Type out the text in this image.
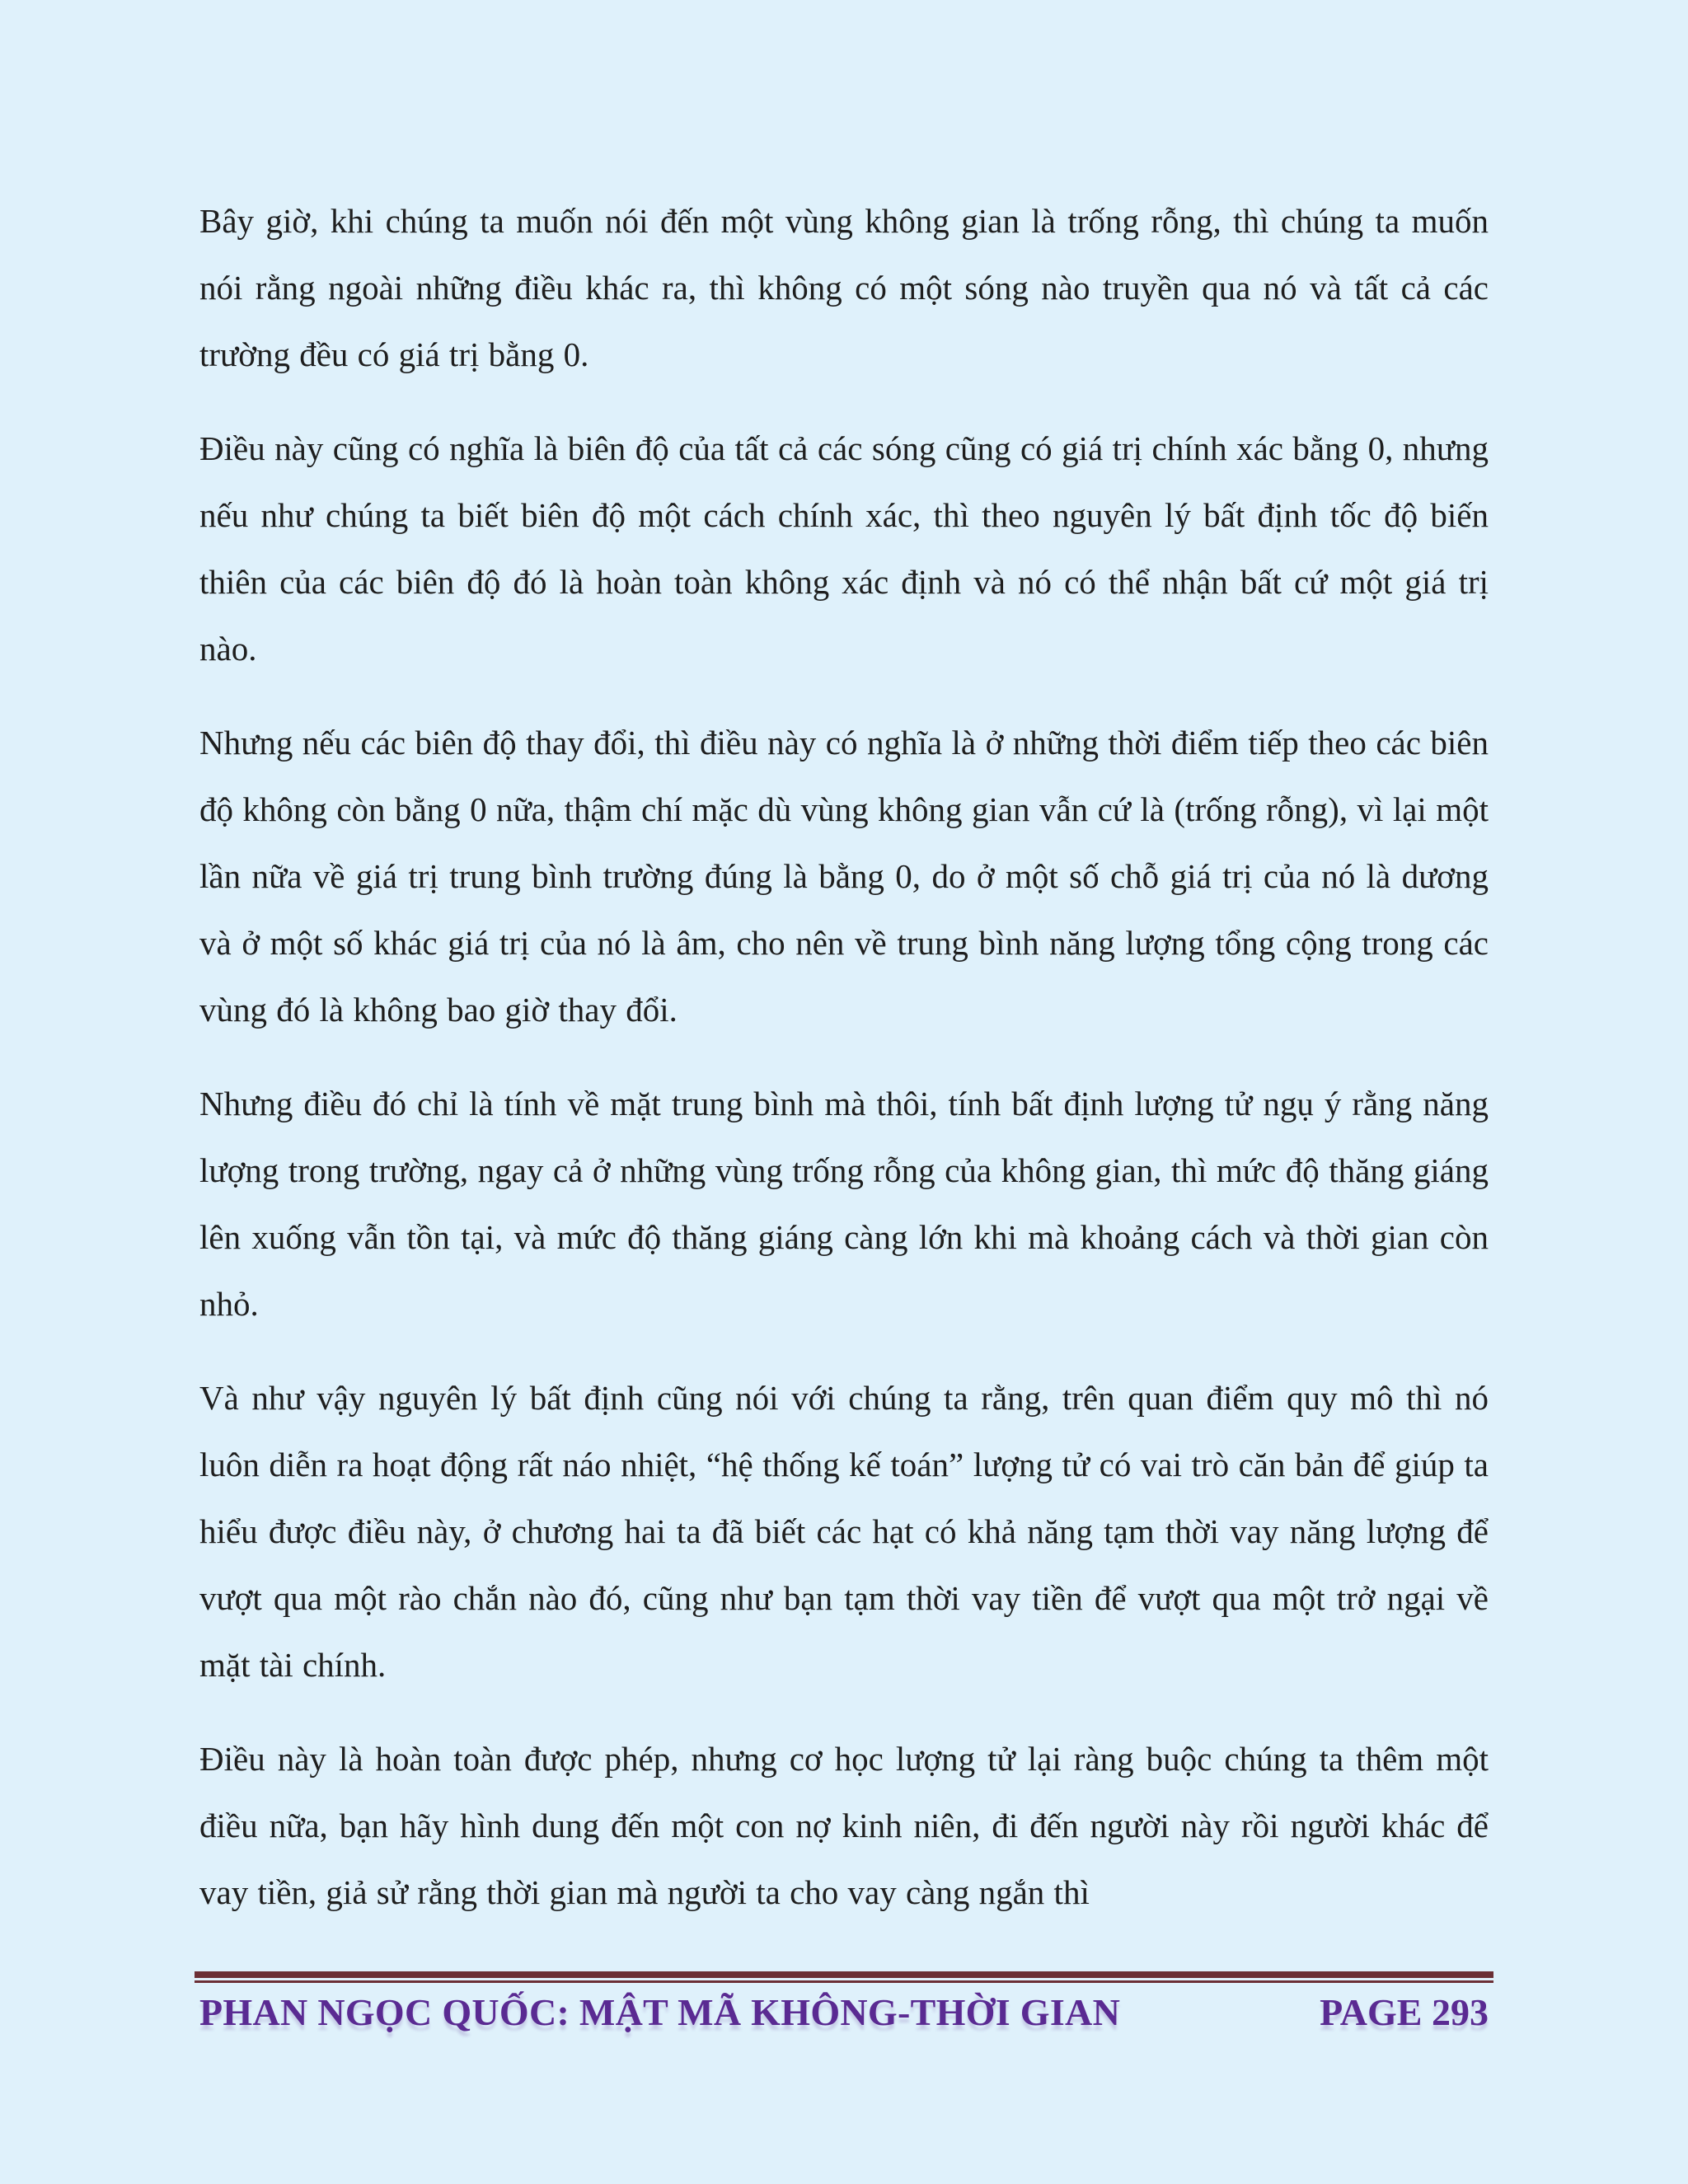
Bây giờ, khi chúng ta muốn nói đến một vùng không gian là trống rỗng, thì chúng ta muốn nói rằng ngoài những điều khác ra, thì không có một sóng nào truyền qua nó và tất cả các trường đều có giá trị bằng 0.

Điều này cũng có nghĩa là biên độ của tất cả các sóng cũng có giá trị chính xác bằng 0, nhưng nếu như chúng ta biết biên độ một cách chính xác, thì theo nguyên lý bất định tốc độ biến thiên của các biên độ đó là hoàn toàn không xác định và nó có thể nhận bất cứ một giá trị nào.

Nhưng nếu các biên độ thay đổi, thì điều này có nghĩa là ở những thời điểm tiếp theo các biên độ không còn bằng 0 nữa, thậm chí mặc dù vùng không gian vẫn cứ là (trống rỗng), vì lại một lần nữa về giá trị trung bình trường đúng là bằng 0, do ở một số chỗ giá trị của nó là dương và ở một số khác giá trị của nó là âm, cho nên về trung bình năng lượng tổng cộng trong các vùng đó là không bao giờ thay đổi.

Nhưng điều đó chỉ là tính về mặt trung bình mà thôi, tính bất định lượng tử ngụ ý rằng năng lượng trong trường, ngay cả ở những vùng trống rỗng của không gian, thì mức độ thăng giáng lên xuống vẫn tồn tại, và mức độ thăng giáng càng lớn khi mà khoảng cách và thời gian còn nhỏ.

Và như vậy nguyên lý bất định cũng nói với chúng ta rằng, trên quan điểm quy mô thì nó luôn diễn ra hoạt động rất náo nhiệt, “hệ thống kế toán” lượng tử có vai trò căn bản để giúp ta hiểu được điều này, ở chương hai ta đã biết các hạt có khả năng tạm thời vay năng lượng để vượt qua một rào chắn nào đó, cũng như bạn tạm thời vay tiền để vượt qua một trở ngại về mặt tài chính.

Điều này là hoàn toàn được phép, nhưng cơ học lượng tử lại ràng buộc chúng ta thêm một điều nữa, bạn hãy hình dung đến một con nợ kinh niên, đi đến người này rồi người khác để vay tiền, giả sử rằng thời gian mà người ta cho vay càng ngắn thì

PHAN NGỌC QUỐC: MẬT MÃ KHÔNG-THỜI GIAN	PAGE 293
